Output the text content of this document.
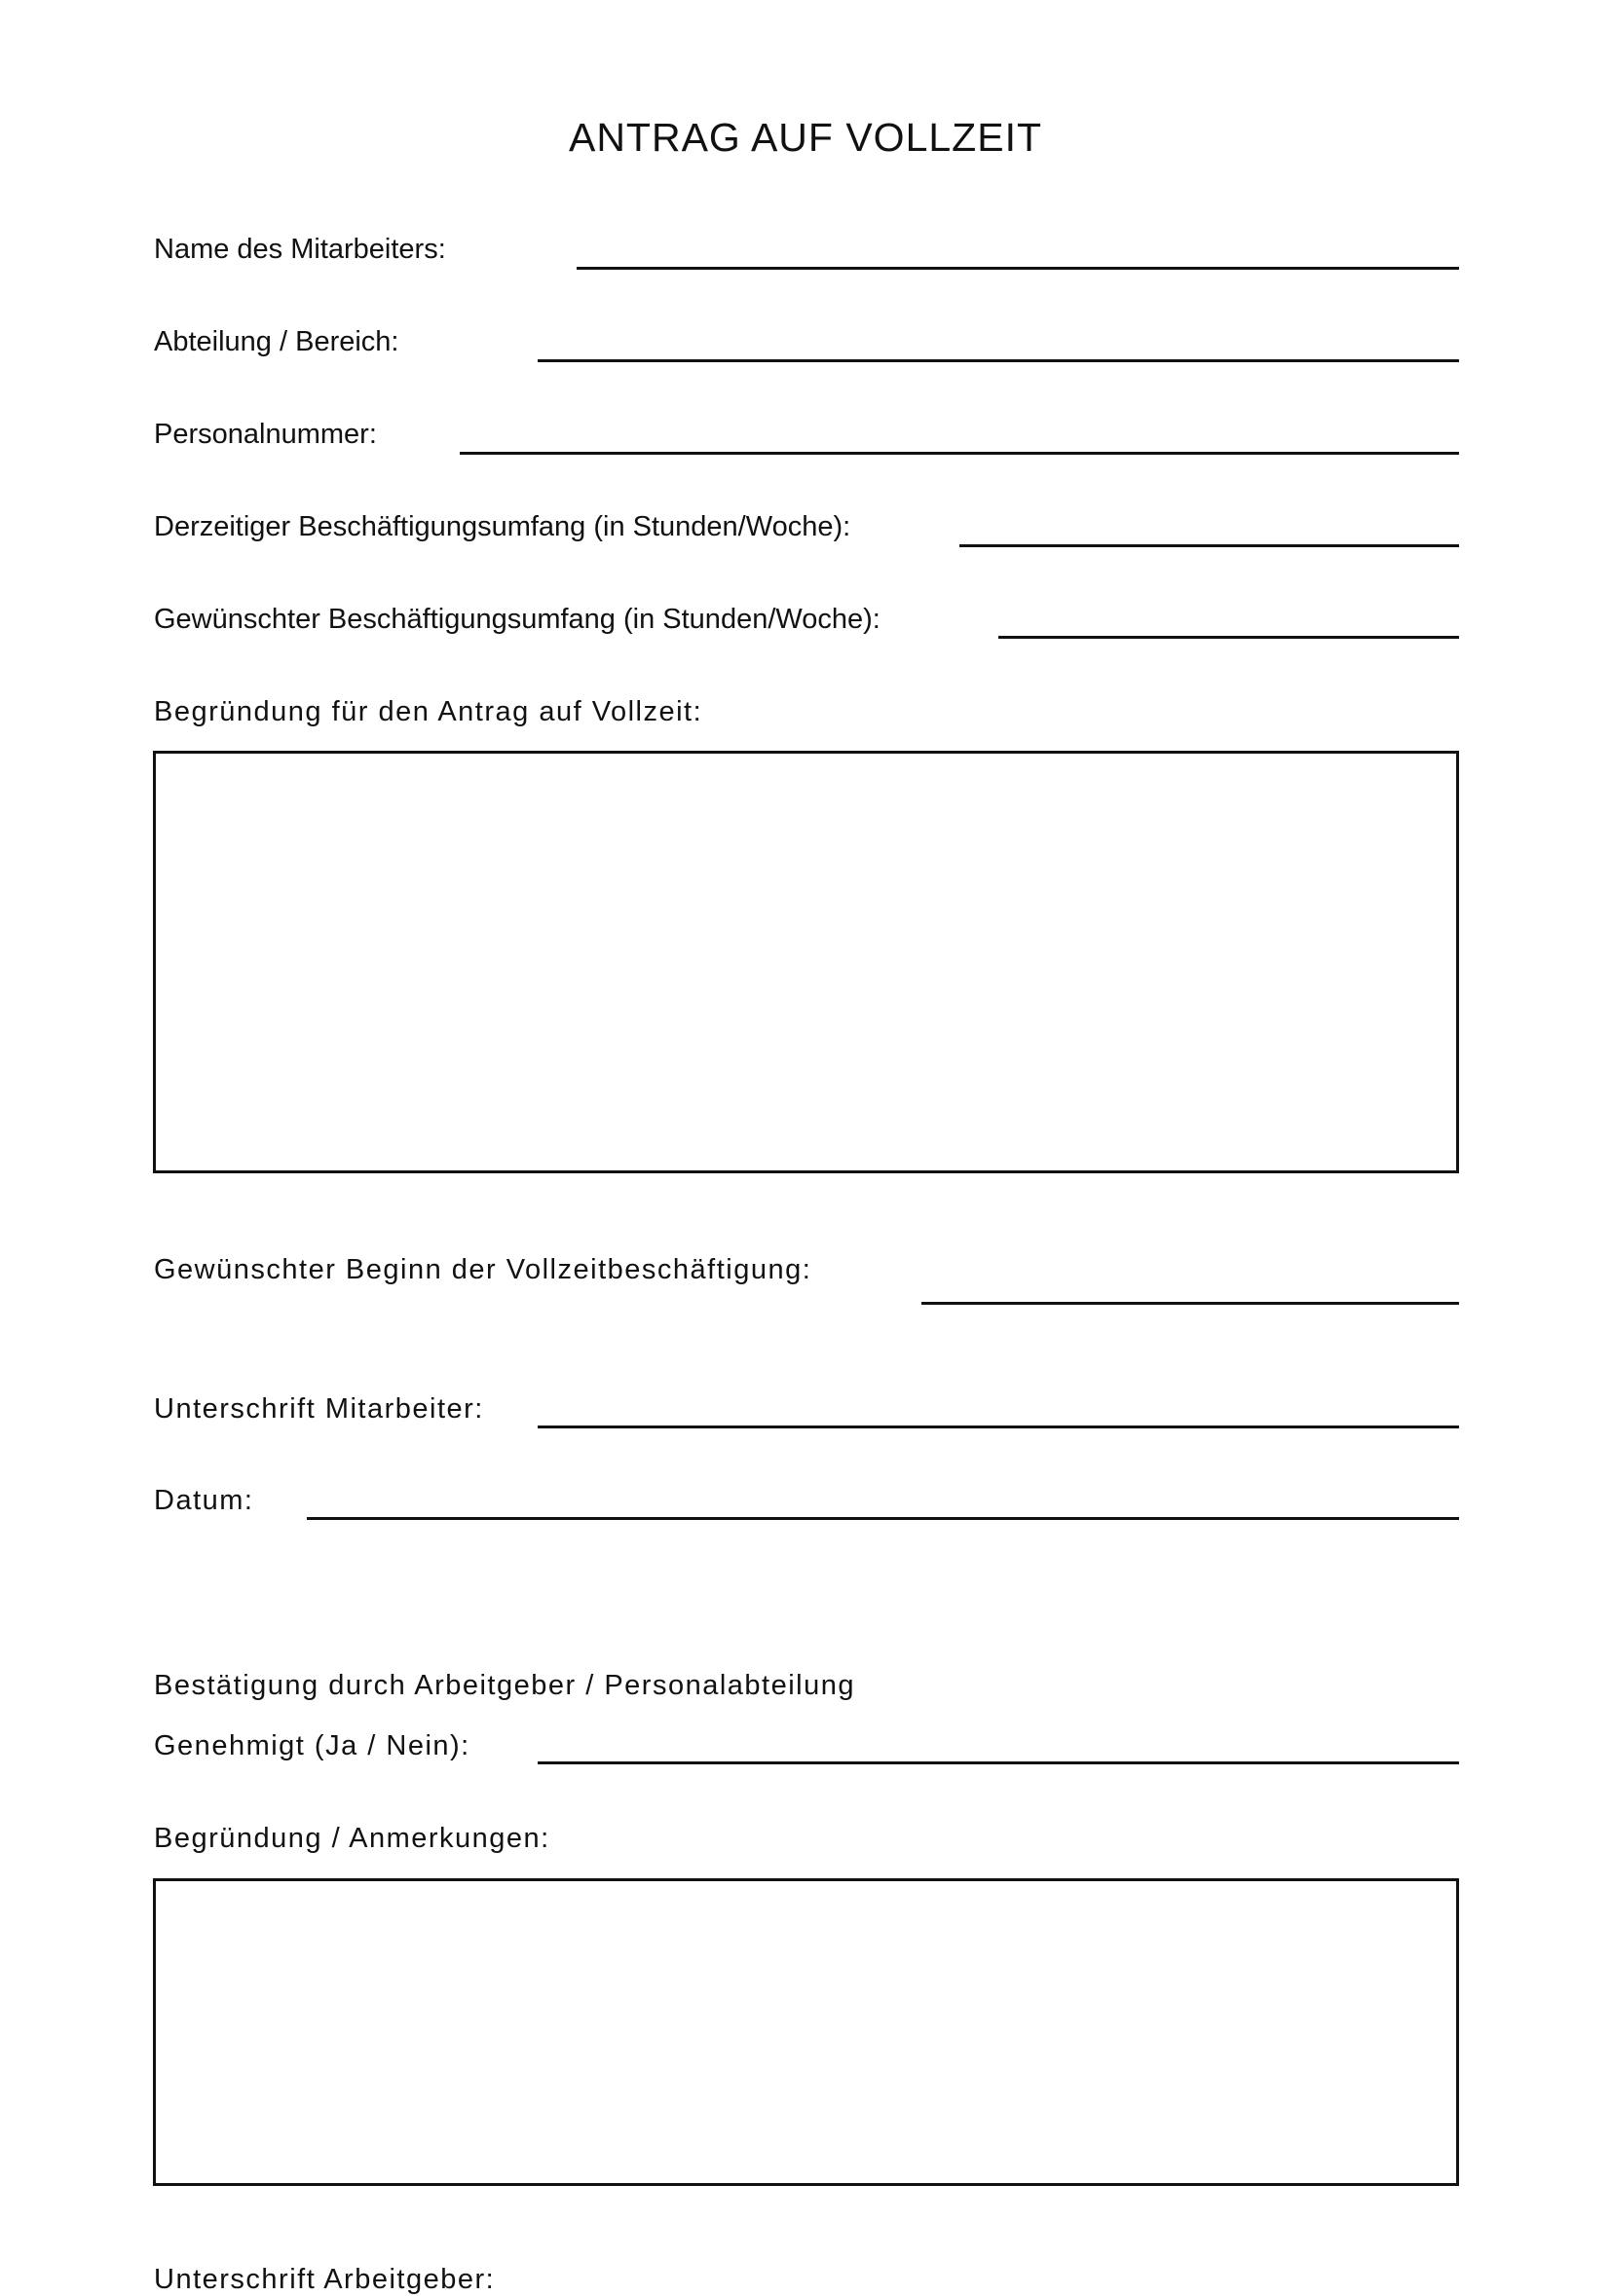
ANTRAG AUF VOLLZEIT
Name des Mitarbeiters:
Abteilung / Bereich:
Personalnummer:
Derzeitiger Beschäftigungsumfang (in Stunden/Woche):
Gewünschter Beschäftigungsumfang (in Stunden/Woche):
Begründung für den Antrag auf Vollzeit:
Gewünschter Beginn der Vollzeitbeschäftigung:
Unterschrift Mitarbeiter:
Datum:
Bestätigung durch Arbeitgeber / Personalabteilung
Genehmigt (Ja / Nein):
Begründung / Anmerkungen:
Unterschrift Arbeitgeber:
